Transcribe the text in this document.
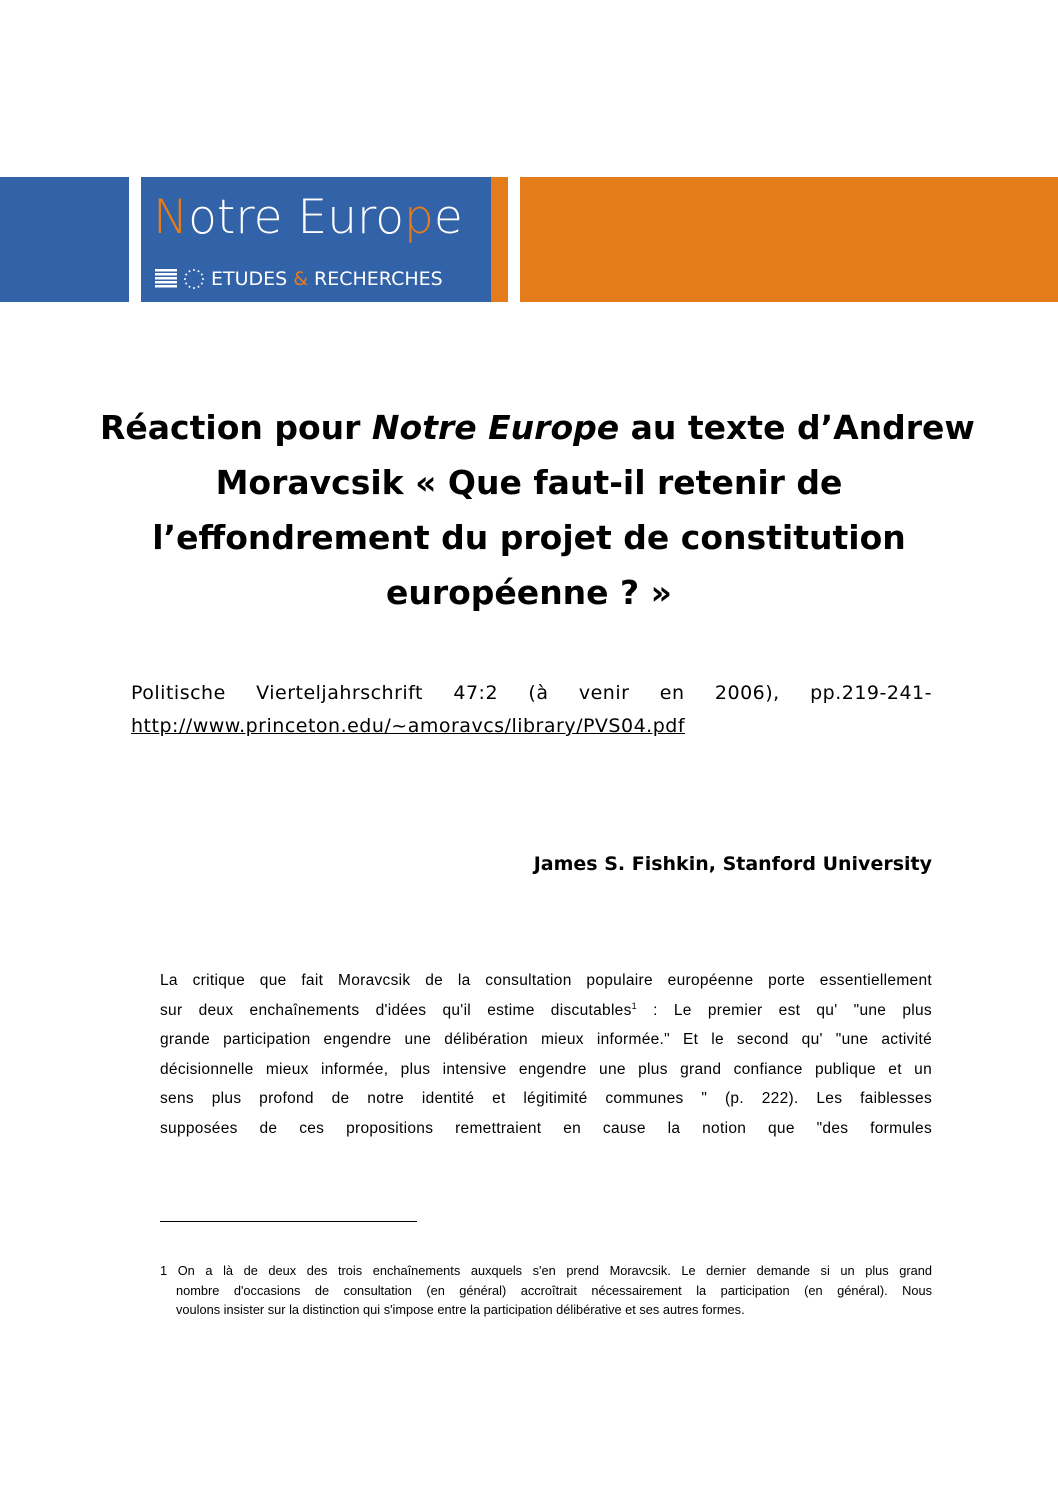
Notre Europe
ETUDES & RECHERCHES
Réaction pour Notre Europe au texte d’Andrew
Moravcsik « Que faut-il retenir de
l’effondrement du projet de constitution
européenne ? »
Politische Vierteljahrschrift 47:2 (à venir en 2006), pp.219-241-
http://www.princeton.edu/~amoravcs/library/PVS04.pdf
James S. Fishkin, Stanford University
La critique que fait Moravcsik de la consultation populaire européenne porte essentiellement
sur deux enchaînements d'idées qu'il estime discutables$^1$ : Le premier est qu' "une plus
grande participation engendre une délibération mieux informée." Et le second qu' "une activité
décisionnelle mieux informée, plus intensive engendre une plus grand confiance publique et un
sens plus profond de notre identité et légitimité communes " (p. 222). Les faiblesses
supposées de ces propositions remettraient en cause la notion que "des formules
1 On a là de deux des trois enchaînements auxquels s'en prend Moravcsik. Le dernier demande si un plus grand
nombre d'occasions de consultation (en général) accroîtrait nécessairement la participation (en général). Nous
voulons insister sur la distinction qui s'impose entre la participation délibérative et ses autres formes.
